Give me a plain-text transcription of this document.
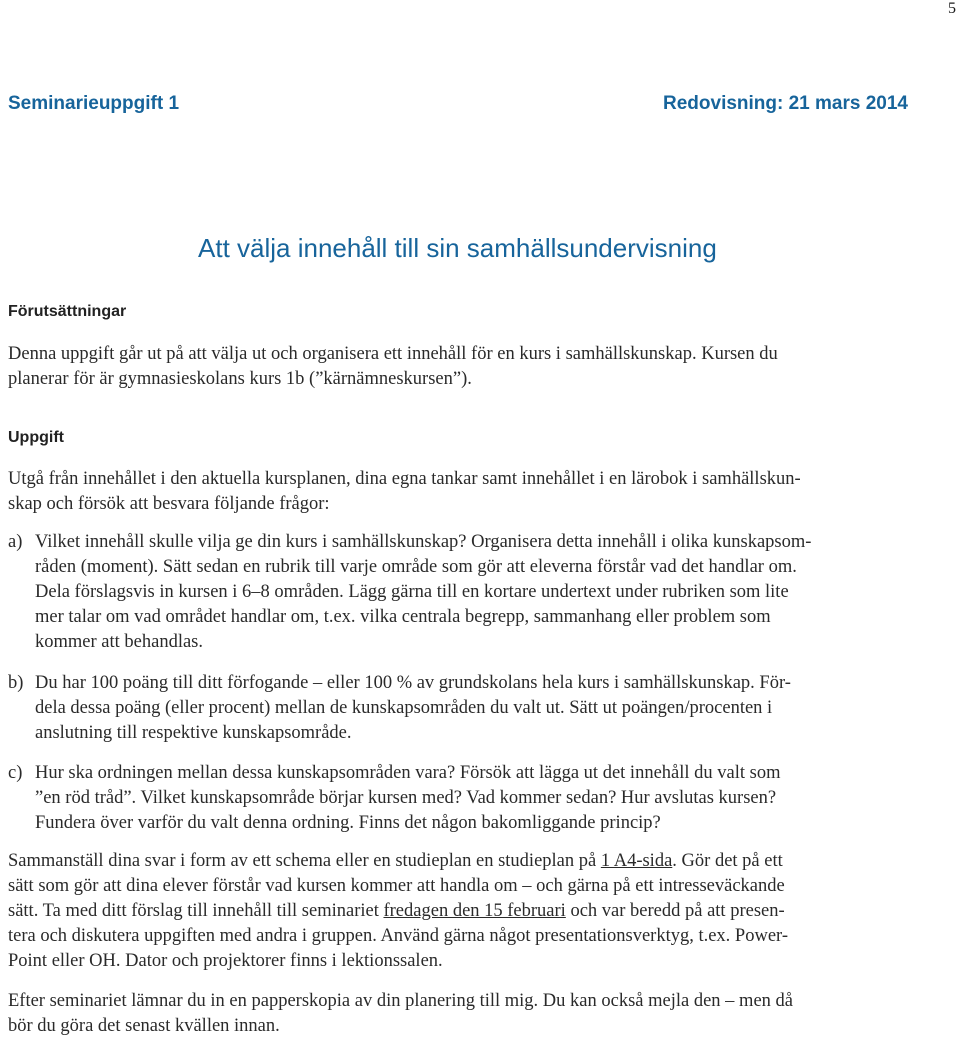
5
Seminarieuppgift 1	Redovisning: 21 mars 2014
Att välja innehåll till sin samhällsundervisning
Förutsättningar
Denna uppgift går ut på att välja ut och organisera ett innehåll för en kurs i samhällskunskap. Kursen du
planerar för är gymnasieskolans kurs 1b (”kärnämneskursen”).
Uppgift
Utgå från innehållet i den aktuella kursplanen, dina egna tankar samt innehållet i en lärobok i samhällskun-
skap och försök att besvara följande frågor:
a) Vilket innehåll skulle vilja ge din kurs i samhällskunskap? Organisera detta innehåll i olika kunskapsom-
råden (moment). Sätt sedan en rubrik till varje område som gör att eleverna förstår vad det handlar om.
Dela förslagsvis in kursen i 6–8 områden. Lägg gärna till en kortare undertext under rubriken som lite
mer talar om vad området handlar om, t.ex. vilka centrala begrepp, sammanhang eller problem som
kommer att behandlas.
b) Du har 100 poäng till ditt förfogande – eller 100 % av grundskolans hela kurs i samhällskunskap. För-
dela dessa poäng (eller procent) mellan de kunskapsområden du valt ut. Sätt ut poängen/procenten i
anslutning till respektive kunskapsområde.
c) Hur ska ordningen mellan dessa kunskapsområden vara? Försök att lägga ut det innehåll du valt som
”en röd tråd”. Vilket kunskapsområde börjar kursen med? Vad kommer sedan? Hur avslutas kursen?
Fundera över varför du valt denna ordning. Finns det någon bakomliggande princip?
Sammanställ dina svar i form av ett schema eller en studieplan en studieplan på 1 A4-sida. Gör det på ett
sätt som gör att dina elever förstår vad kursen kommer att handla om – och gärna på ett intresseväckande
sätt. Ta med ditt förslag till innehåll till seminariet fredagen den 15 februari och var beredd på att presen-
tera och diskutera uppgiften med andra i gruppen. Använd gärna något presentationsverktyg, t.ex. Power-
Point eller OH. Dator och projektorer finns i lektionssalen.
Efter seminariet lämnar du in en papperskopia av din planering till mig. Du kan också mejla den – men då
bör du göra det senast kvällen innan.
